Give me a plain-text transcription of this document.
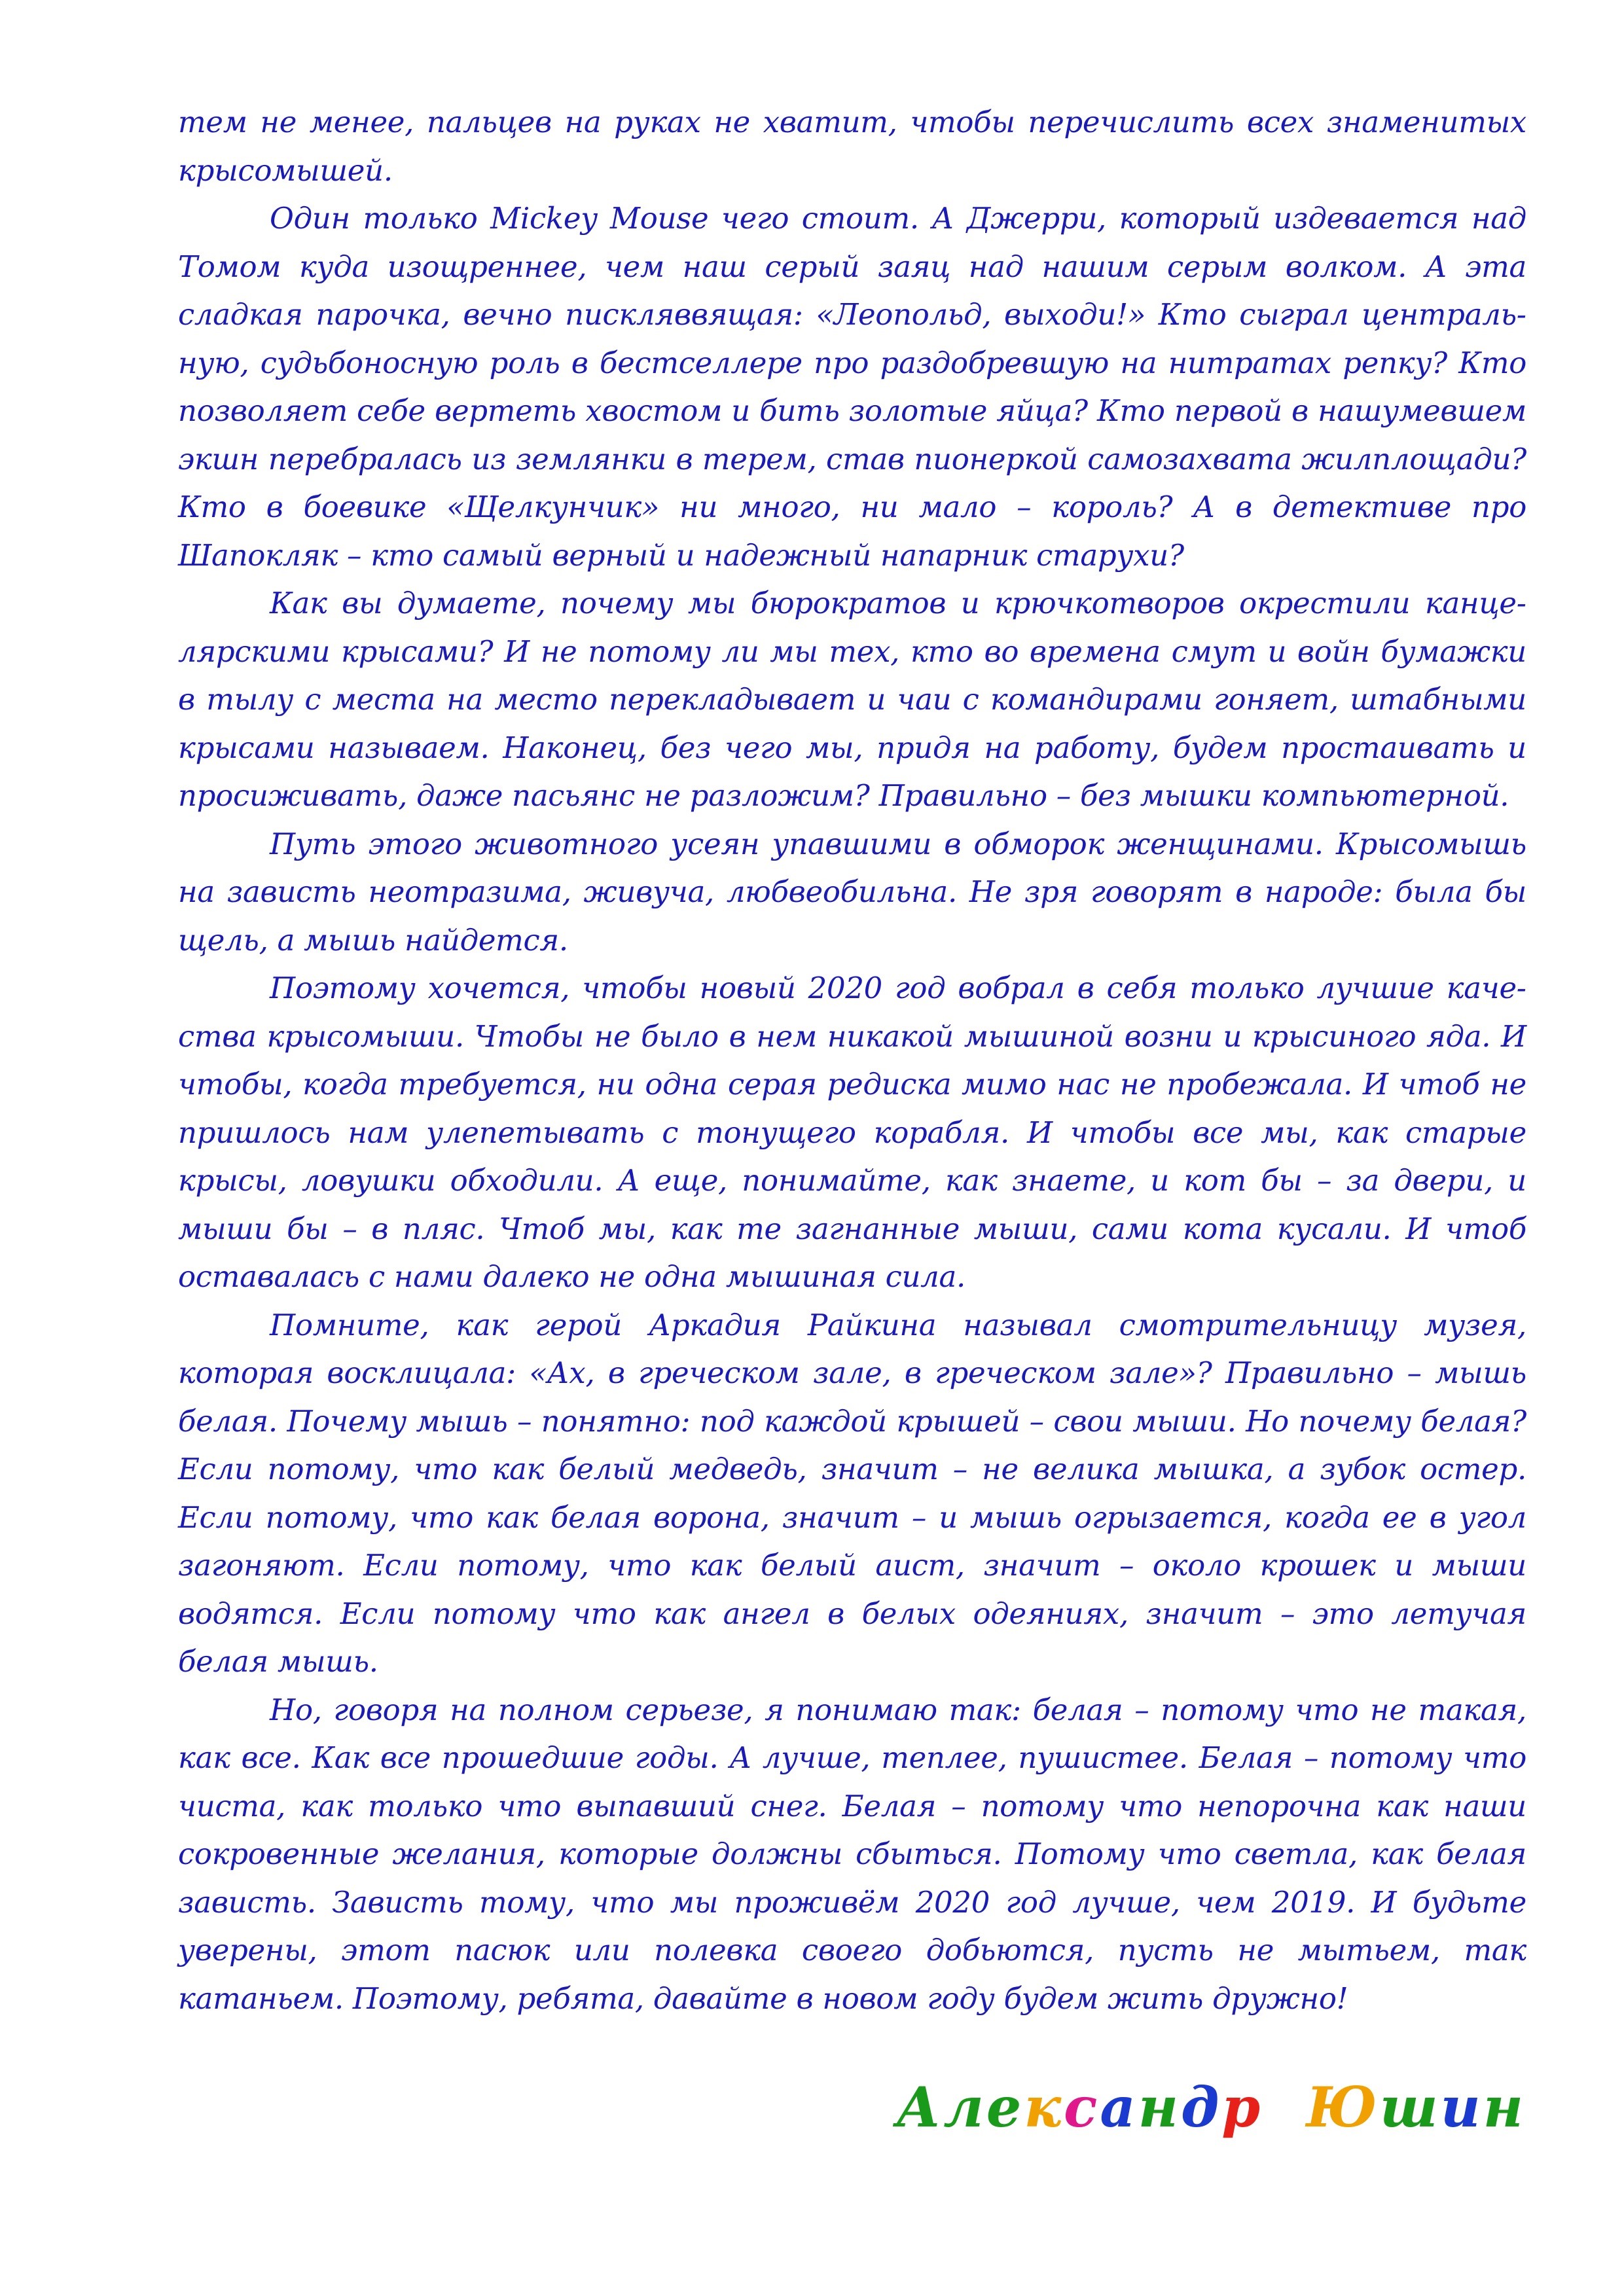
тем не менее, пальцев на руках не хватит, чтобы перечислить всех знаменитых крысомышей.

Один только Mickey Mouse чего стоит. А Джерри, который издевается над Томом куда изощреннее, чем наш серый заяц над нашим серым волком. А эта сладкая парочка, вечно пискляввящая: «Леопольд, выходи!» Кто сыграл центральную, судьбоносную роль в бестселлере про раздобревшую на нитратах репку? Кто позволяет себе вертеть хвостом и бить золотые яйца? Кто первой в нашумевшем экшн перебралась из землянки в терем, став пионеркой самозахвата жилплощади? Кто в боевике «Щелкунчик» ни много, ни мало – король? А в детективе про Шапокляк – кто самый верный и надежный напарник старухи?

Как вы думаете, почему мы бюрократов и крючкотворов окрестили канцелярскими крысами? И не потому ли мы тех, кто во времена смут и войн бумажки в тылу с места на место перекладывает и чаи с командирами гоняет, штабными крысами называем. Наконец, без чего мы, придя на работу, будем простаивать и просиживать, даже пасьянс не разложим? Правильно – без мышки компьютерной.

Путь этого животного усеян упавшими в обморок женщинами. Крысомышь на зависть неотразима, живуча, любвеобильна. Не зря говорят в народе: была бы щель, а мышь найдется.

Поэтому хочется, чтобы новый 2020 год вобрал в себя только лучшие качества крысомыши. Чтобы не было в нем никакой мышиной возни и крысиного яда. И чтобы, когда требуется, ни одна серая редиска мимо нас не пробежала. И чтоб не пришлось нам улепетывать с тонущего корабля. И чтобы все мы, как старые крысы, ловушки обходили. А еще, понимайте, как знаете, и кот бы – за двери, и мыши бы – в пляс. Чтоб мы, как те загнанные мыши, сами кота кусали. И чтоб оставалась с нами далеко не одна мышиная сила.

Помните, как герой Аркадия Райкина называл смотрительницу музея, которая восклицала: «Ах, в греческом зале, в греческом зале»? Правильно – мышь белая. Почему мышь – понятно: под каждой крышей – свои мыши. Но почему белая? Если потому, что как белый медведь, значит – не велика мышка, а зубок остер. Если потому, что как белая ворона, значит – и мышь огрызается, когда ее в угол загоняют. Если потому, что как белый аист, значит – около крошек и мыши водятся. Если потому что как ангел в белых одеяниях, значит – это летучая белая мышь.

Но, говоря на полном серьезе, я понимаю так: белая – потому что не такая, как все. Как все прошедшие годы. А лучше, теплее, пушистее. Белая – потому что чиста, как только что выпавший снег. Белая – потому что непорочна как наши сокровенные желания, которые должны сбыться. Потому что светла, как белая зависть. Зависть тому, что мы проживём 2020 год лучше, чем 2019. И будьте уверены, этот пасюк или полевка своего добьются, пусть не мытьем, так катаньем. Поэтому, ребята, давайте в новом году будем жить дружно!

Александр Юшин
